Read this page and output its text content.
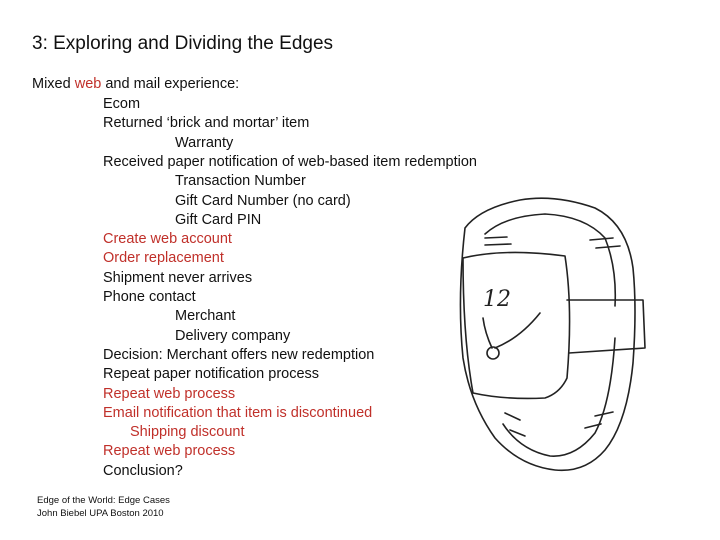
3: Exploring and Dividing the Edges
Mixed web and mail experience:
Ecom
Returned ‘brick and mortar’ item
Warranty
Received paper notification of web-based item redemption
Transaction Number
Gift Card Number (no card)
Gift Card PIN
Create web account
Order replacement
Shipment never arrives
Phone contact
Merchant
Delivery company
Decision: Merchant offers new redemption
Repeat paper notification process
Repeat web process
Email notification that item is discontinued
Shipping discount
Repeat web process
Conclusion?
12
Edge of the World: Edge Cases
John Biebel UPA Boston 2010
